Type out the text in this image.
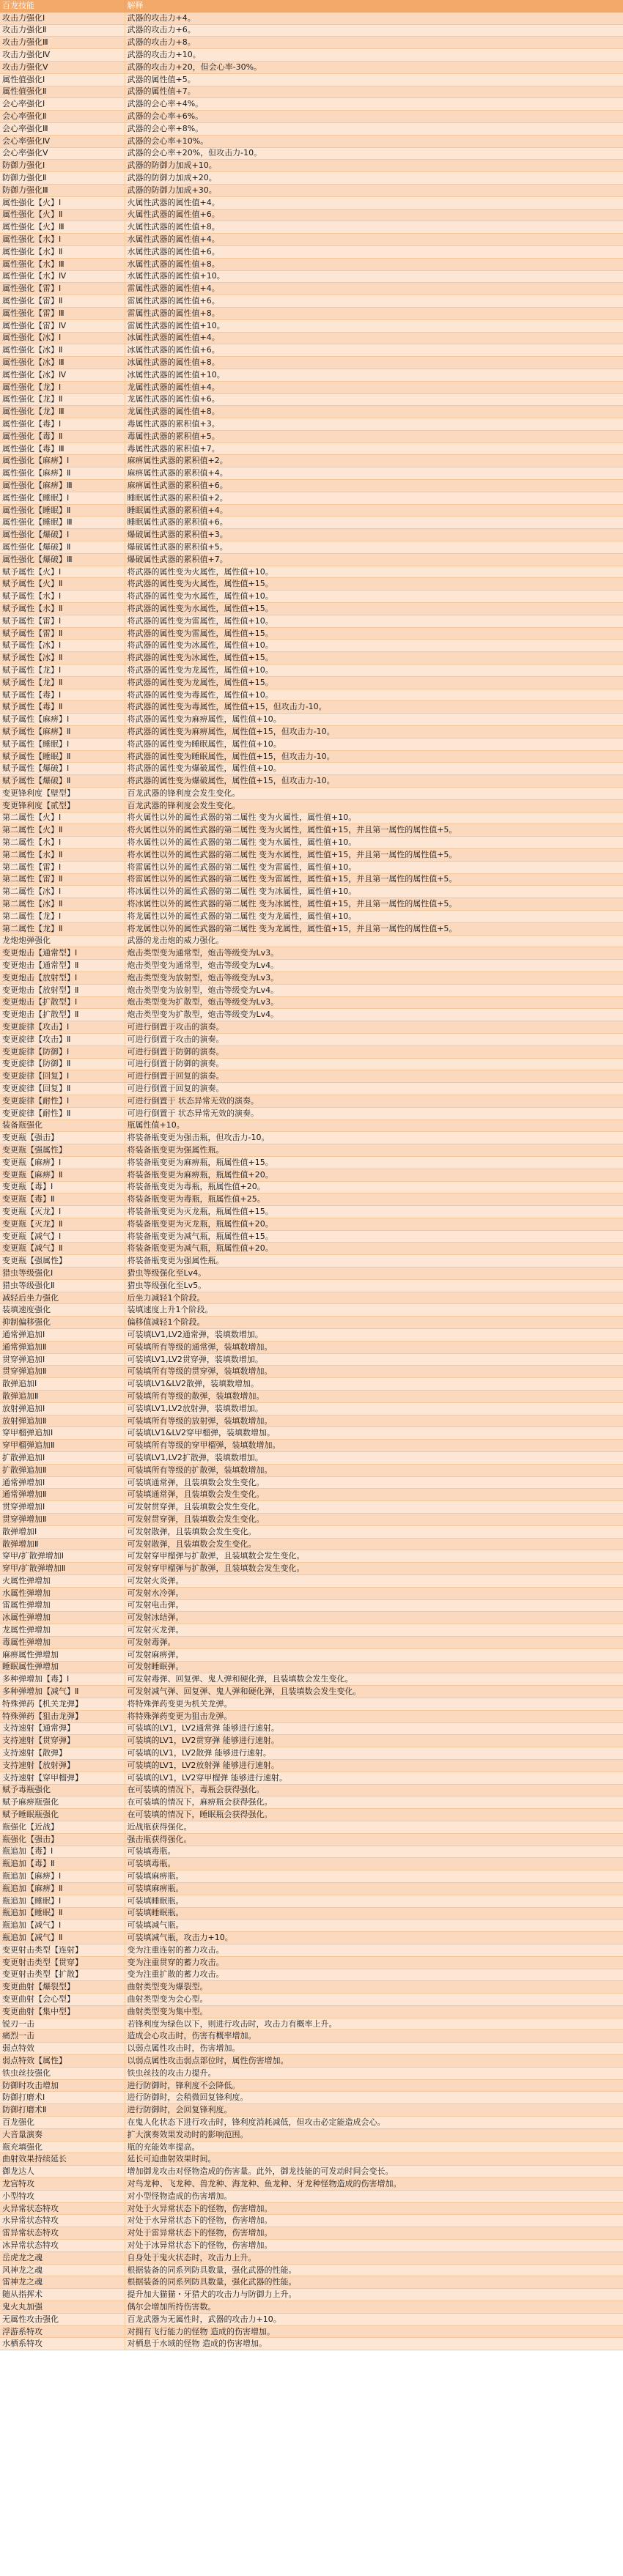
百龙技能	解释
攻击力强化Ⅰ	武器的攻击力+4。
攻击力强化Ⅱ	武器的攻击力+6。
攻击力强化Ⅲ	武器的攻击力+8。
攻击力强化Ⅳ	武器的攻击力+10。
攻击力强化Ⅴ	武器的攻击力+20，但会心率-30%。
属性值强化Ⅰ	武器的属性值+5。
属性值强化Ⅱ	武器的属性值+7。
会心率强化Ⅰ	武器的会心率+4%。
会心率强化Ⅱ	武器的会心率+6%。
会心率强化Ⅲ	武器的会心率+8%。
会心率强化Ⅳ	武器的会心率+10%。
会心率强化Ⅴ	武器的会心率+20%，但攻击力-10。
防御力强化Ⅰ	武器的防御力加成+10。
防御力强化Ⅱ	武器的防御力加成+20。
防御力强化Ⅲ	武器的防御力加成+30。
属性强化【火】Ⅰ	火属性武器的属性值+4。
属性强化【火】Ⅱ	火属性武器的属性值+6。
属性强化【火】Ⅲ	火属性武器的属性值+8。
属性强化【水】Ⅰ	水属性武器的属性值+4。
属性强化【水】Ⅱ	水属性武器的属性值+6。
属性强化【水】Ⅲ	水属性武器的属性值+8。
属性强化【水】Ⅳ	水属性武器的属性值+10。
属性强化【雷】Ⅰ	雷属性武器的属性值+4。
属性强化【雷】Ⅱ	雷属性武器的属性值+6。
属性强化【雷】Ⅲ	雷属性武器的属性值+8。
属性强化【雷】Ⅳ	雷属性武器的属性值+10。
属性强化【冰】Ⅰ	冰属性武器的属性值+4。
属性强化【冰】Ⅱ	冰属性武器的属性值+6。
属性强化【冰】Ⅲ	冰属性武器的属性值+8。
属性强化【冰】Ⅳ	冰属性武器的属性值+10。
属性强化【龙】Ⅰ	龙属性武器的属性值+4。
属性强化【龙】Ⅱ	龙属性武器的属性值+6。
属性强化【龙】Ⅲ	龙属性武器的属性值+8。
属性强化【毒】Ⅰ	毒属性武器的累积值+3。
属性强化【毒】Ⅱ	毒属性武器的累积值+5。
属性强化【毒】Ⅲ	毒属性武器的累积值+7。
属性强化【麻痹】Ⅰ	麻痹属性武器的累积值+2。
属性强化【麻痹】Ⅱ	麻痹属性武器的累积值+4。
属性强化【麻痹】Ⅲ	麻痹属性武器的累积值+6。
属性强化【睡眠】Ⅰ	睡眠属性武器的累积值+2。
属性强化【睡眠】Ⅱ	睡眠属性武器的累积值+4。
属性强化【睡眠】Ⅲ	睡眠属性武器的累积值+6。
属性强化【爆破】Ⅰ	爆破属性武器的累积值+3。
属性强化【爆破】Ⅱ	爆破属性武器的累积值+5。
属性强化【爆破】Ⅲ	爆破属性武器的累积值+7。
赋予属性【火】Ⅰ	将武器的属性变为火属性，属性值+10。
赋予属性【火】Ⅱ	将武器的属性变为火属性，属性值+15。
赋予属性【水】Ⅰ	将武器的属性变为水属性，属性值+10。
赋予属性【水】Ⅱ	将武器的属性变为水属性，属性值+15。
赋予属性【雷】Ⅰ	将武器的属性变为雷属性，属性值+10。
赋予属性【雷】Ⅱ	将武器的属性变为雷属性，属性值+15。
赋予属性【冰】Ⅰ	将武器的属性变为冰属性，属性值+10。
赋予属性【冰】Ⅱ	将武器的属性变为冰属性，属性值+15。
赋予属性【龙】Ⅰ	将武器的属性变为龙属性，属性值+10。
赋予属性【龙】Ⅱ	将武器的属性变为龙属性，属性值+15。
赋予属性【毒】Ⅰ	将武器的属性变为毒属性，属性值+10。
赋予属性【毒】Ⅱ	将武器的属性变为毒属性，属性值+15，但攻击力-10。
赋予属性【麻痹】Ⅰ	将武器的属性变为麻痹属性，属性值+10。
赋予属性【麻痹】Ⅱ	将武器的属性变为麻痹属性，属性值+15，但攻击力-10。
赋予属性【睡眠】Ⅰ	将武器的属性变为睡眠属性，属性值+10。
赋予属性【睡眠】Ⅱ	将武器的属性变为睡眠属性，属性值+15，但攻击力-10。
赋予属性【爆破】Ⅰ	将武器的属性变为爆破属性，属性值+10。
赋予属性【爆破】Ⅱ	将武器的属性变为爆破属性，属性值+15，但攻击力-10。
变更锋利度【壁型】	百龙武器的锋利度会发生变化。
变更锋利度【贰型】	百龙武器的锋利度会发生变化。
第二属性【火】Ⅰ	将火属性以外的属性武器的第二属性 变为火属性，属性值+10。
第二属性【火】Ⅱ	将火属性以外的属性武器的第二属性 变为火属性，属性值+15，并且第一属性的属性值+5。
第二属性【水】Ⅰ	将水属性以外的属性武器的第二属性 变为水属性，属性值+10。
第二属性【水】Ⅱ	将水属性以外的属性武器的第二属性 变为水属性，属性值+15，并且第一属性的属性值+5。
第二属性【雷】Ⅰ	将雷属性以外的属性武器的第二属性 变为雷属性，属性值+10。
第二属性【雷】Ⅱ	将雷属性以外的属性武器的第二属性 变为雷属性，属性值+15，并且第一属性的属性值+5。
第二属性【冰】Ⅰ	将冰属性以外的属性武器的第二属性 变为冰属性，属性值+10。
第二属性【冰】Ⅱ	将冰属性以外的属性武器的第二属性 变为冰属性，属性值+15，并且第一属性的属性值+5。
第二属性【龙】Ⅰ	将龙属性以外的属性武器的第二属性 变为龙属性，属性值+10。
第二属性【龙】Ⅱ	将龙属性以外的属性武器的第二属性 变为龙属性，属性值+15，并且第一属性的属性值+5。
龙炮炮弹强化	武器的龙击炮的威力强化。
变更炮击【通常型】Ⅰ	炮击类型变为通常型，炮击等级变为Lv3。
变更炮击【通常型】Ⅱ	炮击类型变为通常型，炮击等级变为Lv4。
变更炮击【放射型】Ⅰ	炮击类型变为放射型，炮击等级变为Lv3。
变更炮击【放射型】Ⅱ	炮击类型变为放射型，炮击等级变为Lv4。
变更炮击【扩散型】Ⅰ	炮击类型变为扩散型，炮击等级变为Lv3。
变更炮击【扩散型】Ⅱ	炮击类型变为扩散型，炮击等级变为Lv4。
变更旋律【攻击】Ⅰ	可进行倒置于攻击的演奏。
变更旋律【攻击】Ⅱ	可进行倒置于攻击的演奏。
变更旋律【防御】Ⅰ	可进行倒置于防御的演奏。
变更旋律【防御】Ⅱ	可进行倒置于防御的演奏。
变更旋律【回复】Ⅰ	可进行倒置于回复的演奏。
变更旋律【回复】Ⅱ	可进行倒置于回复的演奏。
变更旋律【耐性】Ⅰ	可进行倒置于 状态异常无效的演奏。
变更旋律【耐性】Ⅱ	可进行倒置于 状态异常无效的演奏。
装备瓶强化	瓶属性值+10。
变更瓶【强击】	将装备瓶变更为强击瓶，但攻击力-10。
变更瓶【强属性】	将装备瓶变更为强属性瓶。
变更瓶【麻痹】Ⅰ	将装备瓶变更为麻痹瓶，瓶属性值+15。
变更瓶【麻痹】Ⅱ	将装备瓶变更为麻痹瓶，瓶属性值+20。
变更瓶【毒】Ⅰ	将装备瓶变更为毒瓶，瓶属性值+20。
变更瓶【毒】Ⅱ	将装备瓶变更为毒瓶，瓶属性值+25。
变更瓶【灭龙】Ⅰ	将装备瓶变更为灭龙瓶，瓶属性值+15。
变更瓶【灭龙】Ⅱ	将装备瓶变更为灭龙瓶，瓶属性值+20。
变更瓶【减气】Ⅰ	将装备瓶变更为减气瓶，瓶属性值+15。
变更瓶【减气】Ⅱ	将装备瓶变更为减气瓶，瓶属性值+20。
变更瓶【强属性】	将装备瓶变更为强属性瓶。
猎虫等级强化Ⅰ	猎虫等级强化至Lv4。
猎虫等级强化Ⅱ	猎虫等级强化至Lv5。
减轻后坐力强化	后坐力减轻1个阶段。
装填速度强化	装填速度上升1个阶段。
抑制偏移强化	偏移值减轻1个阶段。
通常弹追加Ⅰ	可装填LV1,LV2通常弹，装填数增加。
通常弹追加Ⅱ	可装填所有等级的通常弹，装填数增加。
贯穿弹追加Ⅰ	可装填LV1,LV2贯穿弹，装填数增加。
贯穿弹追加Ⅱ	可装填所有等级的贯穿弹，装填数增加。
散弹追加Ⅰ	可装填LV1&LV2散弹，装填数增加。
散弹追加Ⅱ	可装填所有等级的散弹，装填数增加。
放射弹追加Ⅰ	可装填LV1,LV2放射弹，装填数增加。
放射弹追加Ⅱ	可装填所有等级的放射弹，装填数增加。
穿甲榴弹追加Ⅰ	可装填LV1&LV2穿甲榴弹，装填数增加。
穿甲榴弹追加Ⅱ	可装填所有等级的穿甲榴弹，装填数增加。
扩散弹追加Ⅰ	可装填LV1,LV2扩散弹，装填数增加。
扩散弹追加Ⅱ	可装填所有等级的扩散弹，装填数增加。
通常弹增加Ⅰ	可装填通常弹，且装填数会发生变化。
通常弹增加Ⅱ	可装填通常弹，且装填数会发生变化。
贯穿弹增加Ⅰ	可发射贯穿弹，且装填数会发生变化。
贯穿弹增加Ⅱ	可发射贯穿弹，且装填数会发生变化。
散弹增加Ⅰ	可发射散弹，且装填数会发生变化。
散弹增加Ⅱ	可发射散弹，且装填数会发生变化。
穿甲/扩散弹增加Ⅰ	可发射穿甲榴弹与扩散弹，且装填数会发生变化。
穿甲/扩散弹增加Ⅱ	可发射穿甲榴弹与扩散弹，且装填数会发生变化。
火属性弹增加	可发射火炎弹。
水属性弹增加	可发射水冷弹。
雷属性弹增加	可发射电击弹。
冰属性弹增加	可发射冰结弹。
龙属性弹增加	可发射灭龙弹。
毒属性弹增加	可发射毒弹。
麻痹属性弹增加	可发射麻痹弹。
睡眠属性弹增加	可发射睡眠弹。
多种弹增加【毒】Ⅰ	可发射毒弹、回复弹、鬼人弹和硬化弹，且装填数会发生变化。
多种弹增加【减气】Ⅱ	可发射减气弹、回复弹、鬼人弹和硬化弹，且装填数会发生变化。
特殊弹药【机关龙弹】	将特殊弹药变更为机关龙弹。
特殊弹药【狙击龙弹】	将特殊弹药变更为狙击龙弹。
支持速射【通常弹】	可装填的LV1，LV2通常弹 能够进行速射。
支持速射【贯穿弹】	可装填的LV1，LV2贯穿弹 能够进行速射。
支持速射【散弹】	可装填的LV1，LV2散弹 能够进行速射。
支持速射【放射弹】	可装填的LV1，LV2放射弹 能够进行速射。
支持速射【穿甲榴弹】	可装填的LV1，LV2穿甲榴弹 能够进行速射。
赋予毒瓶强化	在可装填的情况下，毒瓶会获得强化。
赋予麻痹瓶强化	在可装填的情况下，麻痹瓶会获得强化。
赋予睡眠瓶强化	在可装填的情况下，睡眠瓶会获得强化。
瓶强化【近战】	近战瓶获得强化。
瓶强化【强击】	强击瓶获得强化。
瓶追加【毒】Ⅰ	可装填毒瓶。
瓶追加【毒】Ⅱ	可装填毒瓶。
瓶追加【麻痹】Ⅰ	可装填麻痹瓶。
瓶追加【麻痹】Ⅱ	可装填麻痹瓶。
瓶追加【睡眠】Ⅰ	可装填睡眠瓶。
瓶追加【睡眠】Ⅱ	可装填睡眠瓶。
瓶追加【减气】Ⅰ	可装填减气瓶。
瓶追加【减气】Ⅱ	可装填减气瓶，攻击力+10。
变更射击类型【连射】	变为注重连射的蓄力攻击。
变更射击类型【贯穿】	变为注重贯穿的蓄力攻击。
变更射击类型【扩散】	变为注重扩散的蓄力攻击。
变更曲射【爆裂型】	曲射类型变为爆裂型。
变更曲射【会心型】	曲射类型变为会心型。
变更曲射【集中型】	曲射类型变为集中型。
锐刃一击	若锋利度为绿色以下，则进行攻击时，攻击力有概率上升。
痛烈一击	造成会心攻击时，伤害有概率增加。
弱点特效	以弱点属性攻击时，伤害增加。
弱点特效【属性】	以弱点属性攻击弱点部位时，属性伤害增加。
铁虫丝技强化	铁虫丝技的攻击力提升。
防御时攻击增加	进行防御时，锋利度不会降低。
防御打磨术Ⅰ	进行防御时，会稍微回复锋利度。
防御打磨术Ⅱ	进行防御时，会回复锋利度。
百龙强化	在鬼人化状态下进行攻击时，锋利度消耗减低，但攻击必定能造成会心。
大音量演奏	扩大演奏效果发动时的影响范围。
瓶充填强化	瓶的充能效率提高。
曲射效果持续延长	延长可迫曲射效果时间。
御龙达人	增加御龙攻击对怪物造成的伤害量。此外，御龙技能的可发动时间会变长。
龙宫特攻	对鸟龙种、飞龙种、兽龙种、海龙种、鱼龙种、牙龙种怪物造成的伤害增加。
小型特攻	对小型怪物造成的伤害增加。
火异常状态特攻	对处于火异常状态下的怪物，伤害增加。
水异常状态特攻	对处于水异常状态下的怪物，伤害增加。
雷异常状态特攻	对处于雷异常状态下的怪物，伤害增加。
冰异常状态特攻	对处于冰异常状态下的怪物，伤害增加。
岳虎龙之魂	自身处于鬼火状态时，攻击力上升。
风神龙之魂	根据装备的同系列防具数量，强化武器的性能。
雷神龙之魂	根据装备的同系列防具数量，强化武器的性能。
随从指挥术	提升加大猫猫・牙猎犬的攻击力与防御力上升。
鬼火丸加强	偶尔会增加所持伤害数。
无属性攻击强化	百龙武器为无属性时，武器的攻击力+10。
浮游系特攻	对拥有飞行能力的怪物 造成的伤害增加。
水栖系特攻	对栖息于水域的怪物 造成的伤害增加。
